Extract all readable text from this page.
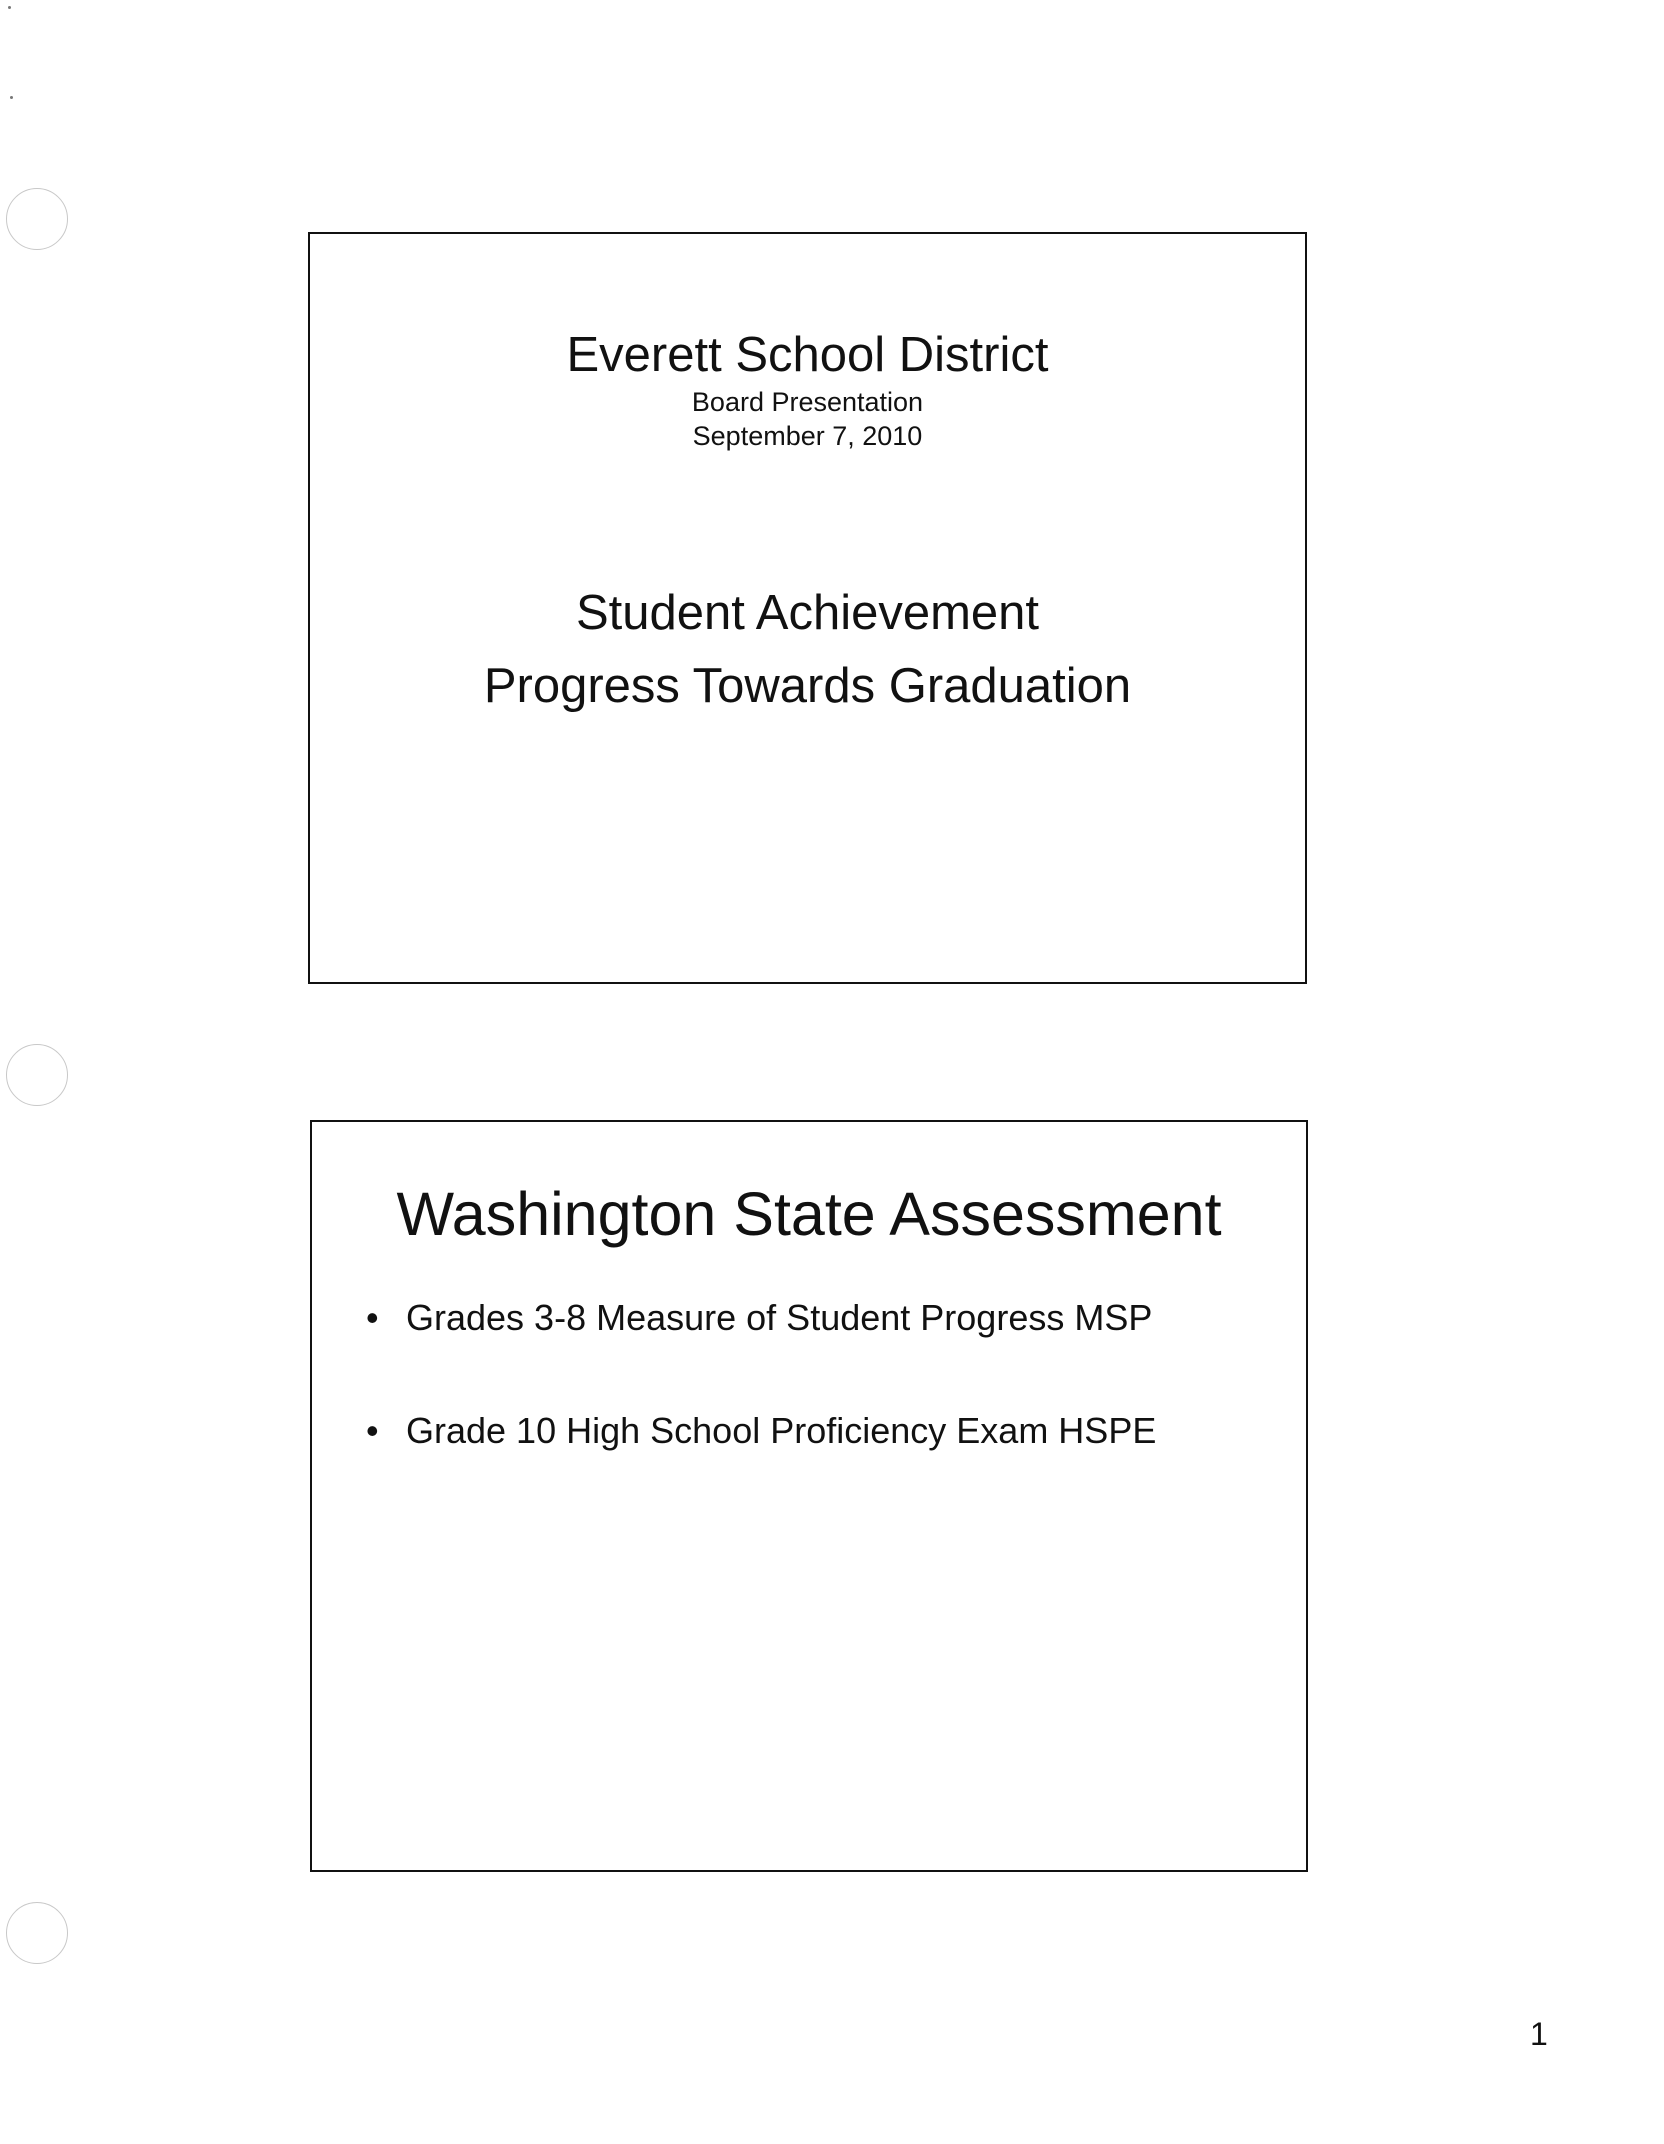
Everett School District
Board Presentation
September 7, 2010
Student Achievement
Progress Towards Graduation
Washington State Assessment
• Grades 3-8 Measure of Student Progress MSP
• Grade 10 High School Proficiency Exam HSPE
1
